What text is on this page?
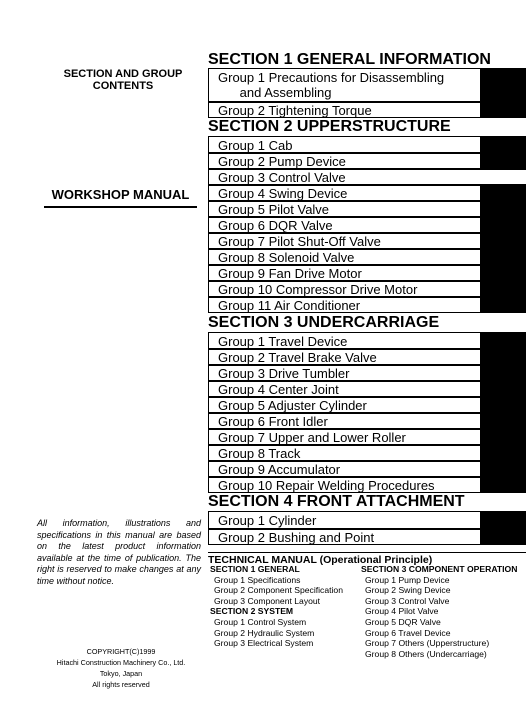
SECTION AND GROUP
CONTENTS
WORKSHOP MANUAL
All information, illustrations and specifications in this manual are based on the latest product information available at the time of publication. The right is reserved to make changes at any time without notice.
COPYRIGHT(C)1999
Hitachi Construction Machinery Co., Ltd.
Tokyo, Japan
All rights reserved
SECTION 1 GENERAL INFORMATION
Group 1 Precautions for Disassembling
and Assembling
Group 2 Tightening Torque
SECTION 2 UPPERSTRUCTURE
Group 1 Cab
Group 2 Pump Device
Group 3 Control Valve
Group 4 Swing Device
Group 5 Pilot Valve
Group 6 DQR Valve
Group 7 Pilot Shut-Off Valve
Group 8 Solenoid Valve
Group 9 Fan Drive Motor
Group 10 Compressor Drive Motor
Group 11 Air Conditioner
SECTION 3 UNDERCARRIAGE
Group 1 Travel Device
Group 2 Travel Brake Valve
Group 3 Drive Tumbler
Group 4 Center Joint
Group 5 Adjuster Cylinder
Group 6 Front Idler
Group 7 Upper and Lower Roller
Group 8 Track
Group 9 Accumulator
Group 10 Repair Welding Procedures
SECTION 4 FRONT ATTACHMENT
Group 1 Cylinder
Group 2 Bushing and Point
TECHNICAL MANUAL (Operational Principle)
SECTION 1 GENERAL
Group 1 Specifications
Group 2 Component Specification
Group 3 Component Layout
SECTION 2 SYSTEM
Group 1 Control System
Group 2 Hydraulic System
Group 3 Electrical System
SECTION 3 COMPONENT OPERATION
Group 1 Pump Device
Group 2 Swing Device
Group 3 Control Valve
Group 4 Pilot Valve
Group 5 DQR Valve
Group 6 Travel Device
Group 7 Others (Upperstructure)
Group 8 Others (Undercarriage)
